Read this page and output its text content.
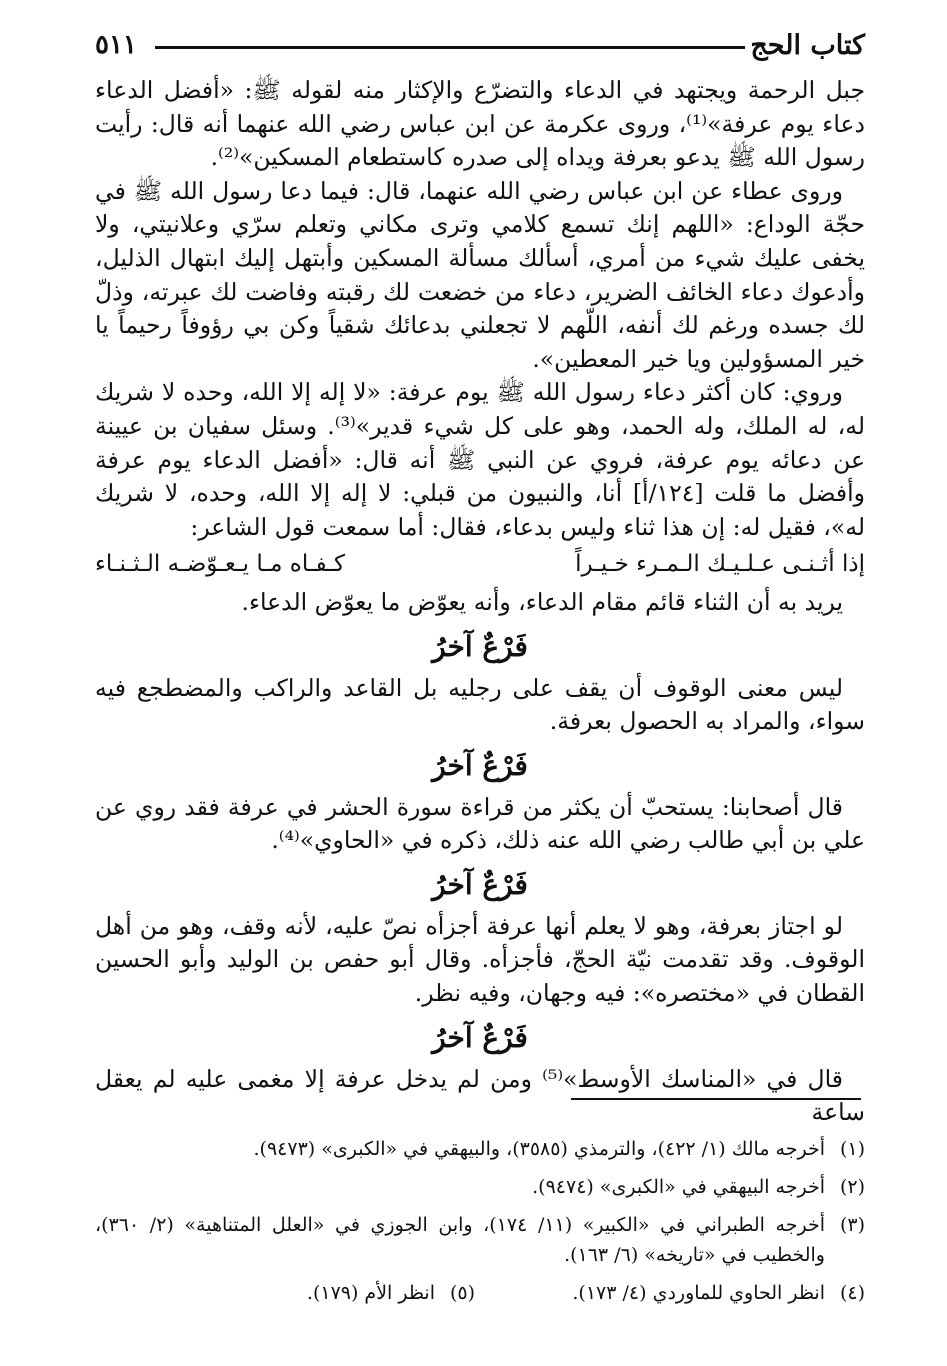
كتاب الحج
٥١١

جبل الرحمة ويجتهد في الدعاء والتضرّع والإكثار منه لقوله ﷺ: «أفضل الدعاء دعاء يوم عرفة»⁽¹⁾، وروى عكرمة عن ابن عباس رضي الله عنهما أنه قال: رأيت رسول الله ﷺ يدعو بعرفة ويداه إلى صدره كاستطعام المسكين»⁽²⁾.

وروى عطاء عن ابن عباس رضي الله عنهما، قال: فيما دعا رسول الله ﷺ في حجّة الوداع: «اللهم إنك تسمع كلامي وترى مكاني وتعلم سرّي وعلانيتي، ولا يخفى عليك شيء من أمري، أسألك مسألة المسكين وأبتهل إليك ابتهال الذليل، وأدعوك دعاء الخائف الضرير، دعاء من خضعت لك رقبته وفاضت لك عبرته، وذلّ لك جسده ورغم لك أنفه، اللّهم لا تجعلني بدعائك شقياً وكن بي رؤوفاً رحيماً يا خير المسؤولين ويا خير المعطين».

وروي: كان أكثر دعاء رسول الله ﷺ يوم عرفة: «لا إله إلا الله، وحده لا شريك له، له الملك، وله الحمد، وهو على كل شيء قدير»⁽³⁾. وسئل سفيان بن عيينة عن دعائه يوم عرفة، فروي عن النبي ﷺ أنه قال: «أفضل الدعاء يوم عرفة وأفضل ما قلت [١٢٤/أ] أنا، والنبيون من قبلي: لا إله إلا الله، وحده، لا شريك له»، فقيل له: إن هذا ثناء وليس بدعاء، فقال: أما سمعت قول الشاعر:

إذا أثـنـى عـلـيـك الـمـرء خـيـراً
كـفـاه مـا يـعـوّضـه الـثـنـاء

يريد به أن الثناء قائم مقام الدعاء، وأنه يعوّض ما يعوّض الدعاء.

فَرْعٌ آخرُ

ليس معنى الوقوف أن يقف على رجليه بل القاعد والراكب والمضطجع فيه سواء، والمراد به الحصول بعرفة.

فَرْعٌ آخرُ

قال أصحابنا: يستحبّ أن يكثر من قراءة سورة الحشر في عرفة فقد روي عن علي بن أبي طالب رضي الله عنه ذلك، ذكره في «الحاوي»⁽⁴⁾.

فَرْعٌ آخرُ

لو اجتاز بعرفة، وهو لا يعلم أنها عرفة أجزأه نصّ عليه، لأنه وقف، وهو من أهل الوقوف. وقد تقدمت نيّة الحجّ، فأجزأه. وقال أبو حفص بن الوليد وأبو الحسين القطان في «مختصره»: فيه وجهان، وفيه نظر.

فَرْعٌ آخرُ

قال في «المناسك الأوسط»⁽⁵⁾ ومن لم يدخل عرفة إلا مغمى عليه لم يعقل ساعة

(١)
أخرجه مالك (١/ ٤٢٢)، والترمذي (٣٥٨٥)، والبيهقي في «الكبرى» (٩٤٧٣).
(٢)
أخرجه البيهقي في «الكبرى» (٩٤٧٤).
(٣)
أخرجه الطبراني في «الكبير» (١١/ ١٧٤)، وابن الجوزي في «العلل المتناهية» (٢/ ٣٦٠)، والخطيب في «تاريخه» (٦/ ١٦٣).
(٤)
انظر الحاوي للماوردي (٤/ ١٧٣).
(٥)
انظر الأم (١٧٩).
